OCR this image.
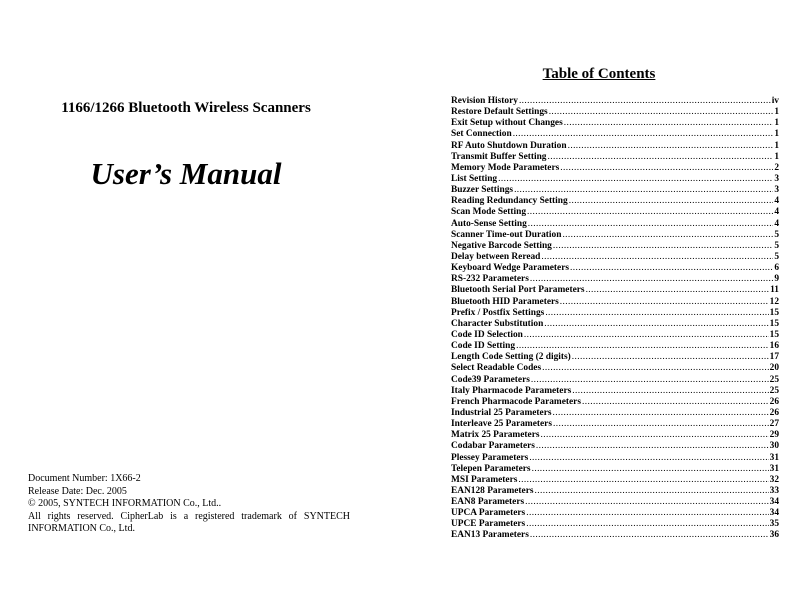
1166/1266 Bluetooth Wireless Scanners
User’s Manual
Document Number: 1X66-2
Release Date: Dec. 2005
© 2005, SYNTECH INFORMATION Co., Ltd..
All rights reserved. CipherLab is a registered trademark of SYNTECH
INFORMATION Co., Ltd.
Table of Contents
Revision History .....	iv
Restore Default Settings .....	1
Exit Setup without Changes .....	1
Set Connection .....	1
RF Auto Shutdown Duration .....	1
Transmit Buffer Setting .....	1
Memory Mode Parameters .....	2
List Setting .....	3
Buzzer Settings .....	3
Reading Redundancy Setting .....	4
Scan Mode Setting .....	4
Auto-Sense Setting .....	4
Scanner Time-out Duration .....	5
Negative Barcode Setting .....	5
Delay between Reread .....	5
Keyboard Wedge Parameters .....	6
RS-232 Parameters .....	9
Bluetooth Serial Port Parameters .....	11
Bluetooth HID Parameters .....	12
Prefix / Postfix Settings .....	15
Character Substitution .....	15
Code ID Selection .....	15
Code ID Setting .....	16
Length Code Setting (2 digits) .....	17
Select Readable Codes .....	20
Code39 Parameters .....	25
Italy Pharmacode Parameters .....	25
French Pharmacode Parameters .....	26
Industrial 25 Parameters .....	26
Interleave 25 Parameters .....	27
Matrix 25 Parameters .....	29
Codabar Parameters .....	30
Plessey Parameters .....	31
Telepen Parameters .....	31
MSI Parameters .....	32
EAN128 Parameters .....	33
EAN8 Parameters .....	34
UPCA Parameters .....	34
UPCE Parameters .....	35
EAN13 Parameters .....	36
